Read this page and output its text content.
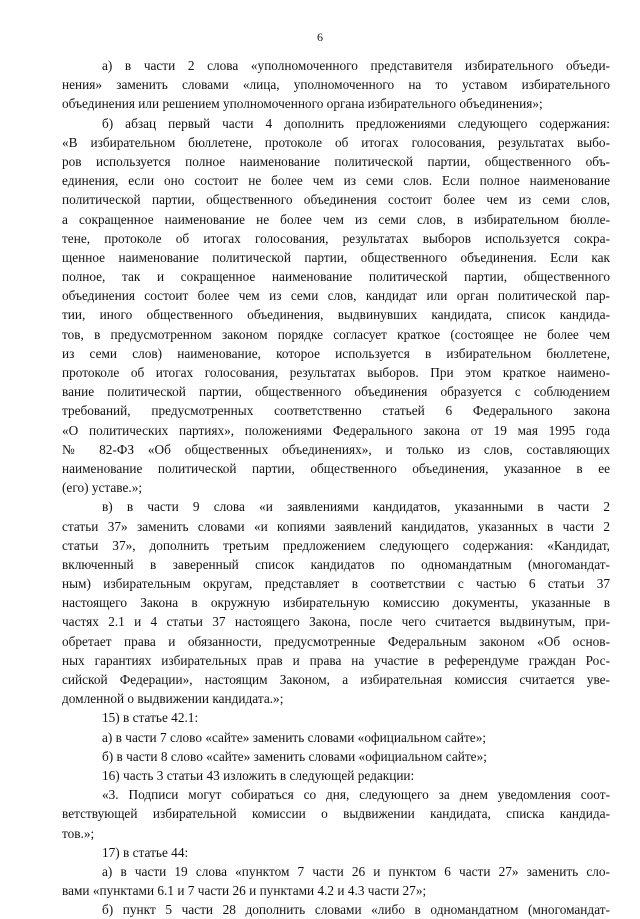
6
а) в части 2 слова «уполномоченного представителя избирательного объеди-
нения» заменить словами «лица, уполномоченного на то уставом избирательного
объединения или решением уполномоченного органа избирательного объединения»;
б) абзац первый части 4 дополнить предложениями следующего содержания:
«В избирательном бюллетене, протоколе об итогах голосования, результатах выбо-
ров используется полное наименование политической партии, общественного объ-
единения, если оно состоит не более чем из семи слов. Если полное наименование
политической партии, общественного объединения состоит более чем из семи слов,
а сокращенное наименование не более чем из семи слов, в избирательном бюлле-
тене, протоколе об итогах голосования, результатах выборов используется сокра-
щенное наименование политической партии, общественного объединения. Если как
полное, так и сокращенное наименование политической партии, общественного
объединения состоит более чем из семи слов, кандидат или орган политической пар-
тии, иного общественного объединения, выдвинувших кандидата, список кандида-
тов, в предусмотренном законом порядке согласует краткое (состоящее не более чем
из семи слов) наименование, которое используется в избирательном бюллетене,
протоколе об итогах голосования, результатах выборов. При этом краткое наимено-
вание политической партии, общественного объединения образуется с соблюдением
требований, предусмотренных соответственно статьей 6 Федерального закона
«О политических партиях», положениями Федерального закона от 19 мая 1995 года
№ 82-ФЗ «Об общественных объединениях», и только из слов, составляющих
наименование политической партии, общественного объединения, указанное в ее
(его) уставе.»;
в) в части 9 слова «и заявлениями кандидатов, указанными в части 2
статьи 37» заменить словами «и копиями заявлений кандидатов, указанных в части 2
статьи 37», дополнить третьим предложением следующего содержания: «Кандидат,
включенный в заверенный список кандидатов по одномандатным (многомандат-
ным) избирательным округам, представляет в соответствии с частью 6 статьи 37
настоящего Закона в окружную избирательную комиссию документы, указанные в
частях 2.1 и 4 статьи 37 настоящего Закона, после чего считается выдвинутым, при-
обретает права и обязанности, предусмотренные Федеральным законом «Об основ-
ных гарантиях избирательных прав и права на участие в референдуме граждан Рос-
сийской Федерации», настоящим Законом, а избирательная комиссия считается уве-
домленной о выдвижении кандидата.»;
15) в статье 42.1:
а) в части 7 слово «сайте» заменить словами «официальном сайте»;
б) в части 8 слово «сайте» заменить словами «официальном сайте»;
16) часть 3 статьи 43 изложить в следующей редакции:
«3. Подписи могут собираться со дня, следующего за днем уведомления соот-
ветствующей избирательной комиссии о выдвижении кандидата, списка кандида-
тов.»;
17) в статье 44:
а) в части 19 слова «пунктом 7 части 26 и пунктом 6 части 27» заменить сло-
вами «пунктами 6.1 и 7 части 26 и пунктами 4.2 и 4.3 части 27»;
б) пункт 5 части 28 дополнить словами «либо в одномандатном (многомандат-
